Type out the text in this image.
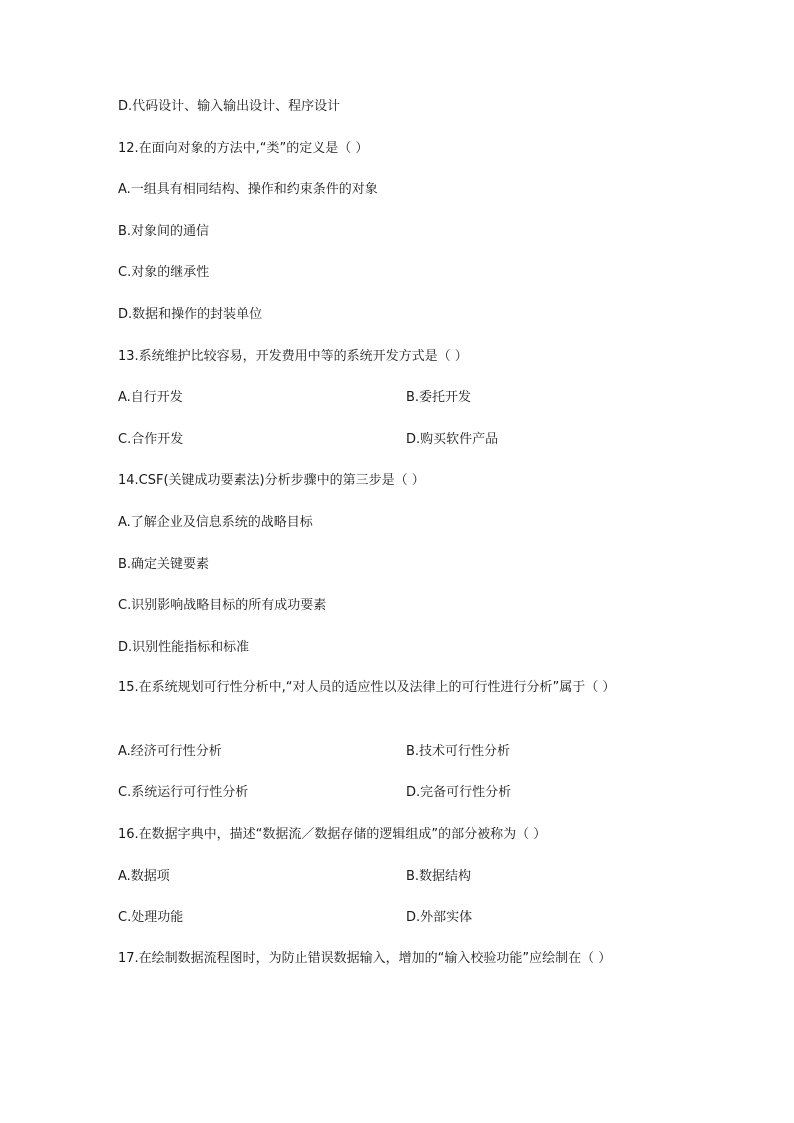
D.代码设计、输入输出设计、程序设计
12.在面向对象的方法中,“类”的定义是（ ）
A.一组具有相同结构、操作和约束条件的对象
B.对象间的通信
C.对象的继承性
D.数据和操作的封装单位
13.系统维护比较容易，开发费用中等的系统开发方式是（ ）
A.自行开发	B.委托开发
C.合作开发	D.购买软件产品
14.CSF(关键成功要素法)分析步骤中的第三步是（ ）
A.了解企业及信息系统的战略目标
B.确定关键要素
C.识别影响战略目标的所有成功要素
D.识别性能指标和标准
15.在系统规划可行性分析中,“对人员的适应性以及法律上的可行性进行分析”属于（ ）
A.经济可行性分析	B.技术可行性分析
C.系统运行可行性分析	D.完备可行性分析
16.在数据字典中，描述“数据流／数据存储的逻辑组成”的部分被称为（ ）
A.数据项	B.数据结构
C.处理功能	D.外部实体
17.在绘制数据流程图时，为防止错误数据输入，增加的“输入校验功能”应绘制在（ ）
